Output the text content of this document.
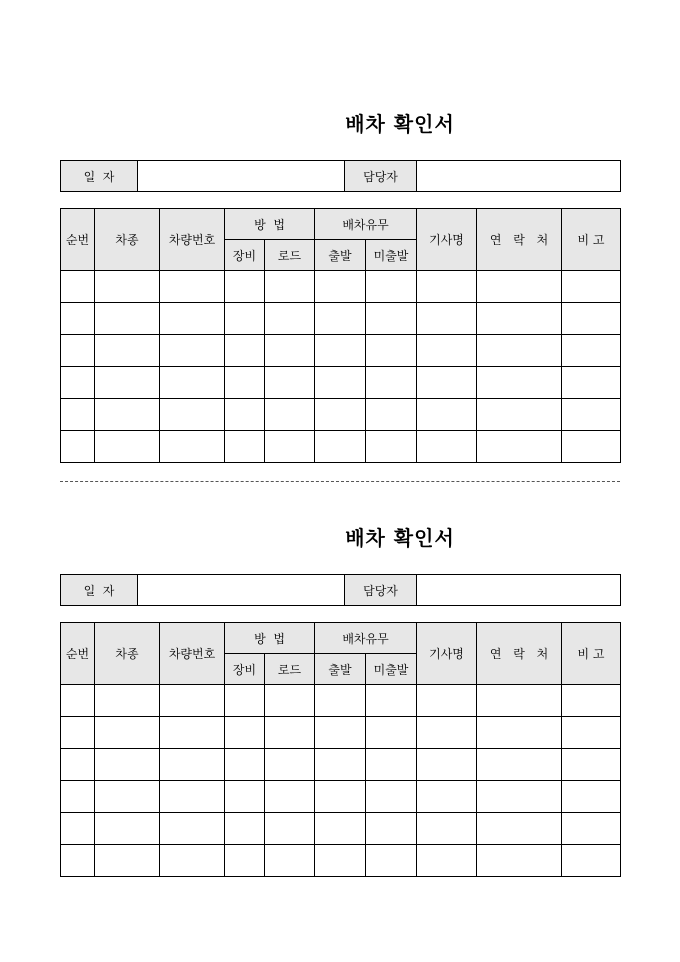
배차 확인서
일  자		담당자	
순번	차종	차량번호	방  법		배차유무		기사명	연 락 처	비 고
			장비	로드	출발	미출발			

배차 확인서
일  자		담당자	
순번	차종	차량번호	방  법		배차유무		기사명	연 락 처	비 고
			장비	로드	출발	미출발			
